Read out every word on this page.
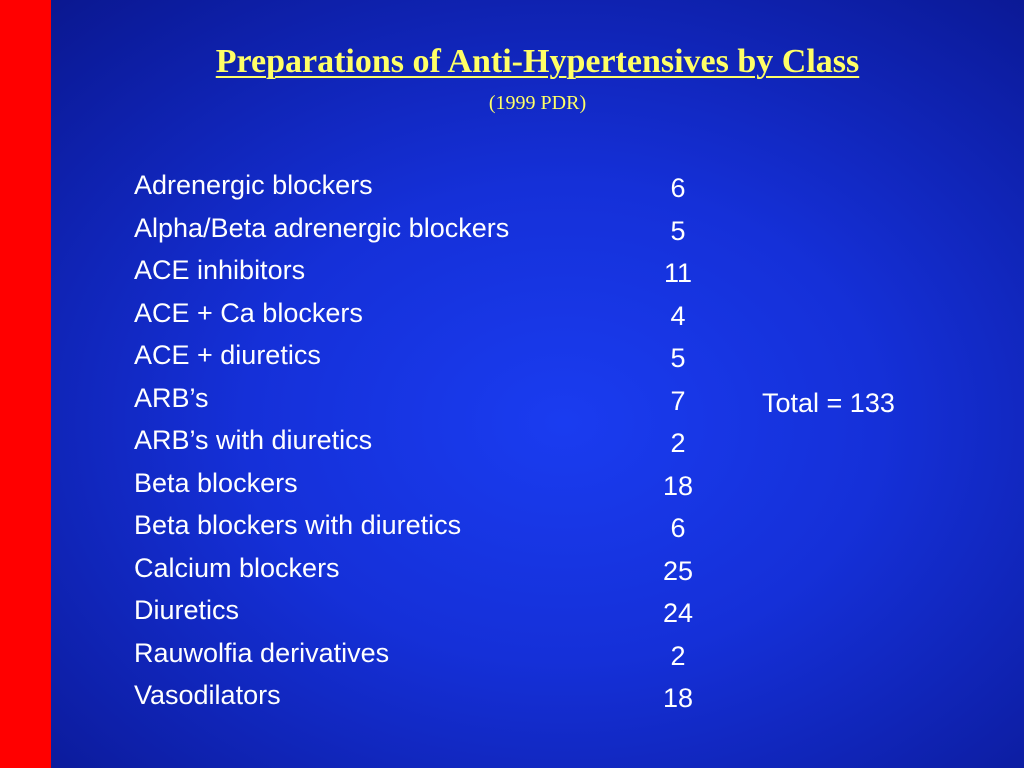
Preparations of Anti-Hypertensives by Class
(1999 PDR)
Adrenergic blockers
Alpha/Beta adrenergic blockers
ACE inhibitors
ACE + Ca blockers
ACE + diuretics
ARB’s
ARB’s with diuretics
Beta blockers
Beta blockers with diuretics
Calcium blockers
Diuretics
Rauwolfia derivatives
Vasodilators
6
5
11
4
5
7
2
18
6
25
24
2
18
Total = 133
